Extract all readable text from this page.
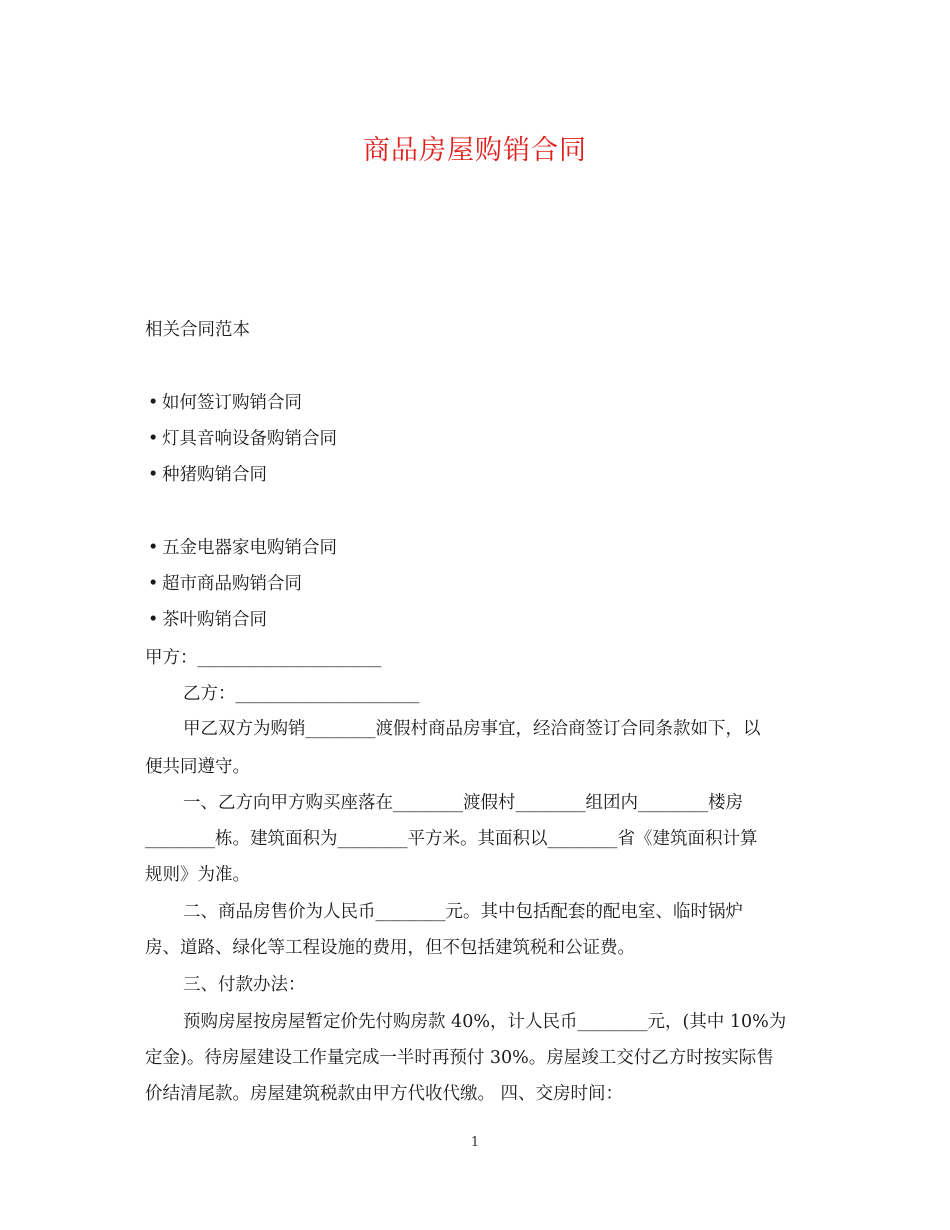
商品房屋购销合同
相关合同范本
• 如何签订购销合同
• 灯具音响设备购销合同
• 种猪购销合同
• 五金电器家电购销合同
• 超市商品购销合同
• 茶叶购销合同
甲方：_____________________
乙方：_____________________
甲乙双方为购销________渡假村商品房事宜，经洽商签订合同条款如下，以
便共同遵守。
一、乙方向甲方购买座落在________渡假村________组团内________楼房
________栋。建筑面积为________平方米。其面积以________省《建筑面积计算
规则》为准。
二、商品房售价为人民币________元。其中包括配套的配电室、临时锅炉
房、道路、绿化等工程设施的费用，但不包括建筑税和公证费。
三、付款办法：
预购房屋按房屋暂定价先付购房款 40%，计人民币________元，(其中 10%为
定金)。待房屋建设工作量完成一半时再预付 30%。房屋竣工交付乙方时按实际售
价结清尾款。房屋建筑税款由甲方代收代缴。 四、交房时间：
1
